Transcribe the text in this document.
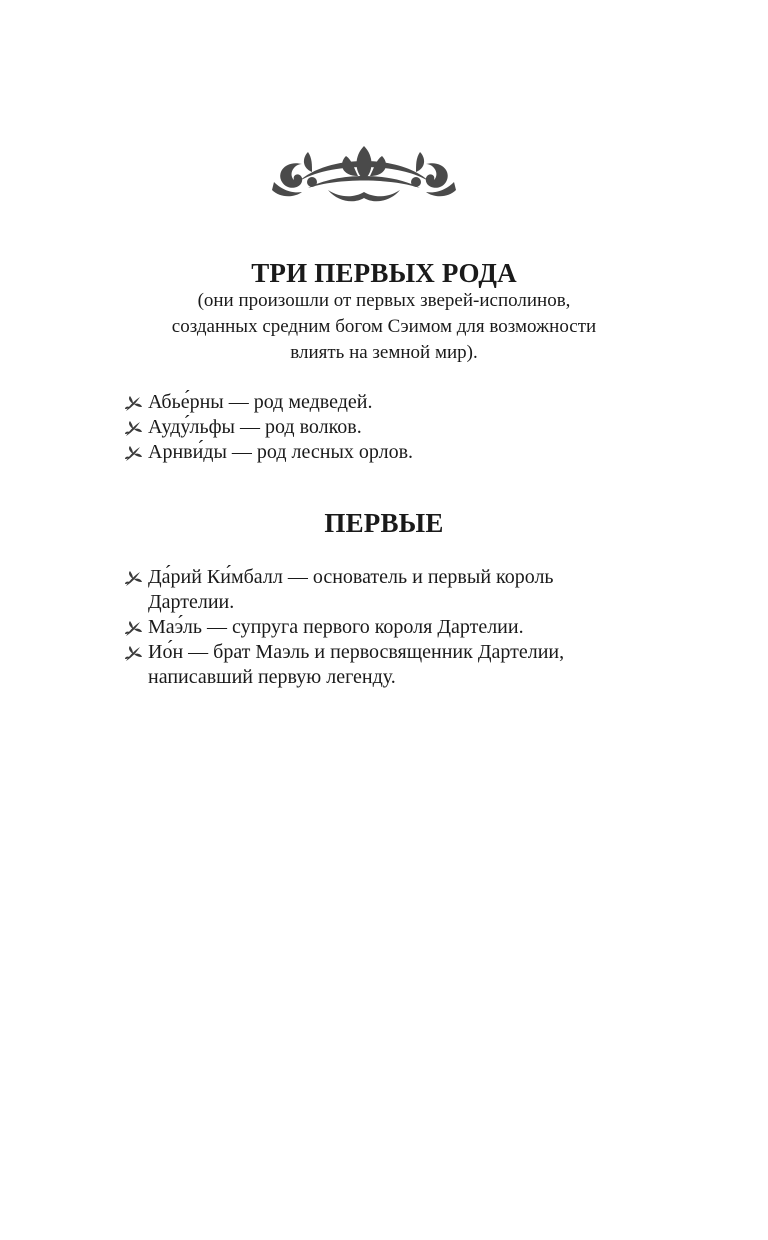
ТРИ ПЕРВЫХ РОДА
(они произошли от первых зверей-исполинов,
созданных средним богом Сэимом для возможности
влиять на земной мир).
Абье́рны — род медведей.
Ауду́льфы — род волков.
Арнви́ды — род лесных орлов.
ПЕРВЫЕ
Да́рий Ки́мбалл — основатель и первый король
Дартелии.
Маэ́ль — супруга первого короля Дартелии.
Ио́н — брат Маэль и первосвященник Дартелии,
написавший первую легенду.
